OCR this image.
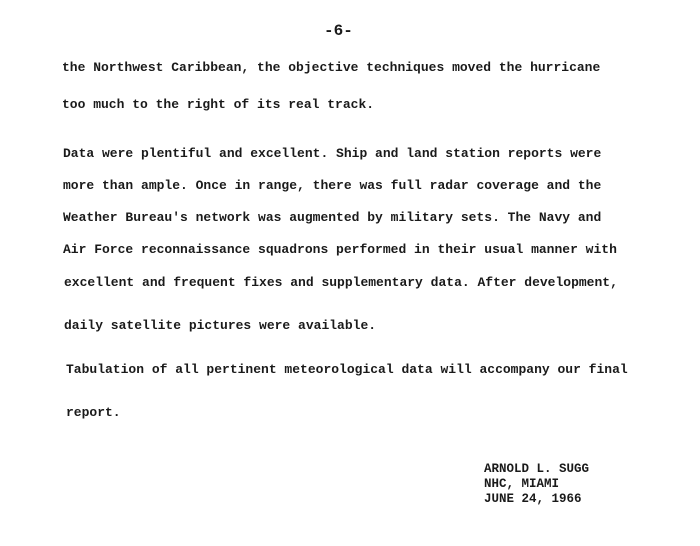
-6-
the Northwest Caribbean, the objective techniques moved the hurricane
too much to the right of its real track.
Data were plentiful and excellent. Ship and land station reports were
more than ample. Once in range, there was full radar coverage and the
Weather Bureau's network was augmented by military sets. The Navy and
Air Force reconnaissance squadrons performed in their usual manner with
excellent and frequent fixes and supplementary data. After development,
daily satellite pictures were available.
Tabulation of all pertinent meteorological data will accompany our final
report.
ARNOLD L. SUGG
NHC, MIAMI
JUNE 24, 1966
